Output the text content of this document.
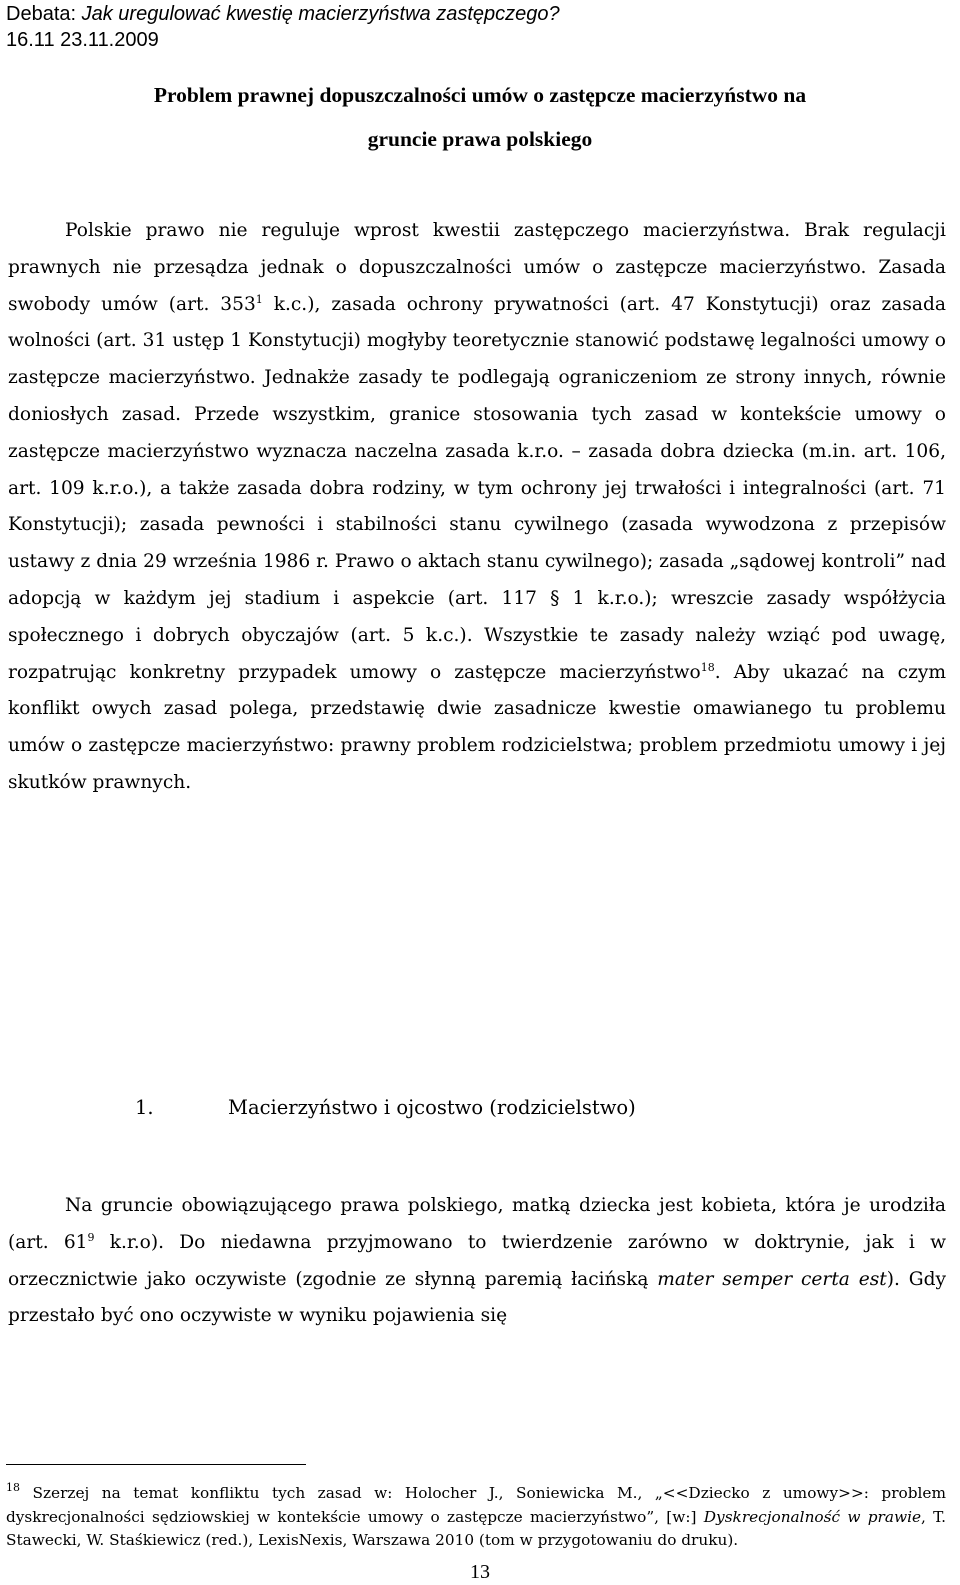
Debata: Jak uregulować kwestię macierzyństwa zastępczego?
16.11 23.11.2009
Problem prawnej dopuszczalności umów o zastępcze macierzyństwo na
gruncie prawa polskiego

Polskie prawo nie reguluje wprost kwestii zastępczego macierzyństwa. Brak regulacji prawnych nie przesądza jednak o dopuszczalności umów o zastępcze macierzyństwo. Zasada swobody umów (art. $353^1$ k.c.), zasada ochrony prywatności (art. 47 Konstytucji) oraz zasada wolności (art. 31 ustęp 1 Konstytucji) mogłyby teoretycznie stanowić podstawę legalności umowy o zastępcze macierzyństwo. Jednakże zasady te podlegają ograniczeniom ze strony innych, równie doniosłych zasad. Przede wszystkim, granice stosowania tych zasad w kontekście umowy o zastępcze macierzyństwo wyznacza naczelna zasada k.r.o. – zasada dobra dziecka (m.in. art. 106, art. 109 k.r.o.), a także zasada dobra rodziny, w tym ochrony jej trwałości i integralności (art. 71 Konstytucji); zasada pewności i stabilności stanu cywilnego (zasada wywodzona z przepisów ustawy z dnia 29 września 1986 r. Prawo o aktach stanu cywilnego); zasada „sądowej kontroli” nad adopcją w każdym jej stadium i aspekcie (art. 117 § 1 k.r.o.); wreszcie zasady współżycia społecznego i dobrych obyczajów (art. 5 k.c.). Wszystkie te zasady należy wziąć pod uwagę, rozpatrując konkretny przypadek umowy o zastępcze macierzyństwo$^{18}$. Aby ukazać na czym konflikt owych zasad polega, przedstawię dwie zasadnicze kwestie omawianego tu problemu umów o zastępcze macierzyństwo: prawny problem rodzicielstwa; problem przedmiotu umowy i jej skutków prawnych.

1.	Macierzyństwo i ojcostwo (rodzicielstwo)

Na gruncie obowiązującego prawa polskiego, matką dziecka jest kobieta, która je urodziła (art. $61^9$ k.r.o). Do niedawna przyjmowano to twierdzenie zarówno w doktrynie, jak i w orzecznictwie jako oczywiste (zgodnie ze słynną paremią łacińską mater semper certa est). Gdy przestało być ono oczywiste w wyniku pojawienia się

$^{18}$ Szerzej na temat konfliktu tych zasad w: Holocher J., Soniewicka M., „<<Dziecko z umowy>>: problem dyskrecjonalności sędziowskiej w kontekście umowy o zastępcze macierzyństwo”, [w:] Dyskrecjonalność w prawie, T. Stawecki, W. Staśkiewicz (red.), LexisNexis, Warszawa 2010 (tom w przygotowaniu do druku).

13
